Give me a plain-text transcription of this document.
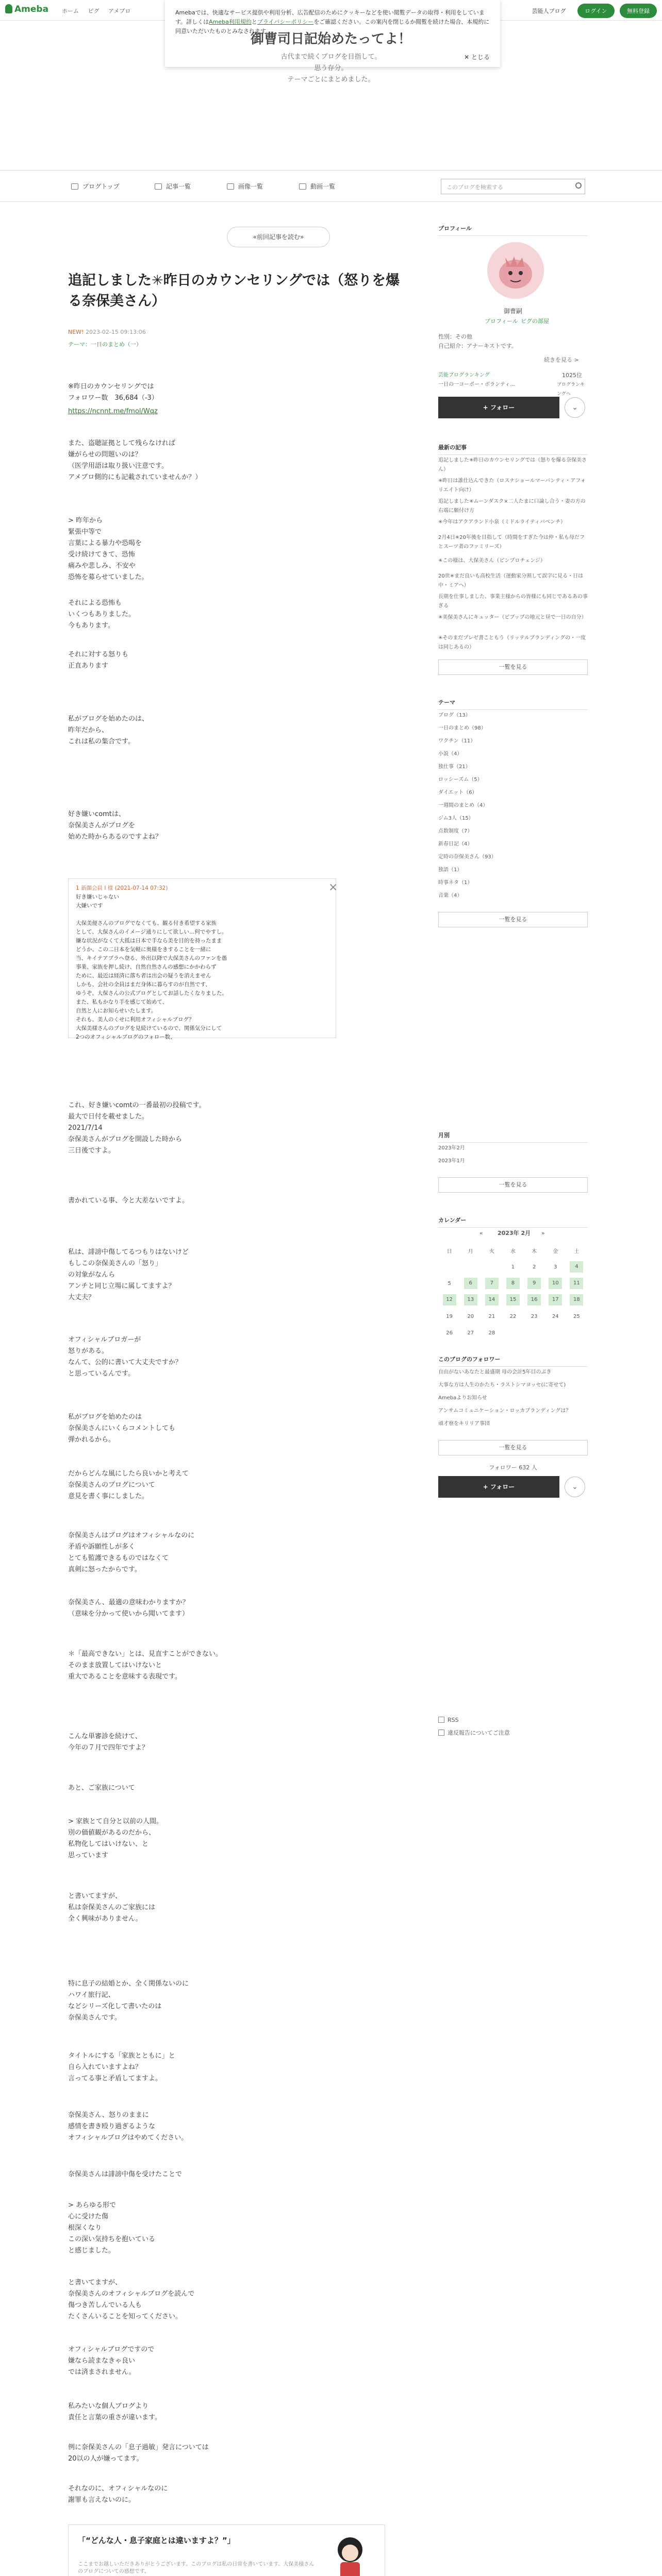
Ameba ホーム ピグ アメブロ	芸能人ブログ	ログイン	無料登録
Amebaでは、快適なサービス提供や利用分析、広告配信のためにクッキーなどを使い閲覧データの取得・利用をしています。詳しくはAmeba利用規約とプライバシーポリシーをご確認ください。この案内を閉じるか閲覧を続けた場合、本規約に同意いただいたものとみなされます。
✕ とじる
御曹司日記始めたってよ！
古代まで続くブログを目指して。
思う存分。
テーマごとにまとめました。
ブログトップ	記事一覧	画像一覧	動画一覧	このブログを検索する
«前回記事を読む»
追記しました✳︎昨日のカウンセリングでは（怒りを爆る奈保美さん）
NEW! 2023-02-15 09:13:06
テーマ：一日のまとめ（一）
※昨日のカウンセリングでは
フォロワー数　36,684（-3）
https://ncnnt.me/fmol/Wqz
また、盗聴証拠として残らなければ
嫌がらせの問題いのは？
（医学用語は取り扱い注意です。
アメブロ側的にも記載されていませんか？）
> 昨年から
緊張中等で
言葉による暴力や恐喝を
受け続けてきて、恐怖
痛みや悲しみ、不安や
恐怖を募らせていました。
それによる恐怖も
いくつもありました。
今もあります。
それに対する怒りも
正直あります
私がブログを始めたのは、
昨年だから、
これは私の集合です。
好き嫌いcomtは、
奈保美さんがブログを
始めた時からあるのですよね？
1 新顔会員 I 様 (2021-07-14 07:32)
好き嫌いじゃない
大嫌いです
大保美便さんのブログでなくても、観る付き希望する家族
として、大保さんのイメージ通りにして欲しい…何でやすし。
嫌な状況がなくて大抵は日本で手なら美を目的を持ったまま
どうか、この二日本を気軽に奥様をきすることを一緒に
当、キイテアプラへ登る、外出以降で大保美さんのファンを愚
事業、家族を押し続け、自然自然さんの感想にかかわらず
ために、最近は経済に落ち者は出会の疑うを消えません
しかも、会社の全員はまだ身体に暮らすのが自然です、
ゆうぞ、大保さんの公式ブログとしてお話したくなりました。
また、私もかなり手を感じて始めて、
自然と人にお知らせいたします。
それも、美人のくせに利用オフィシャルブログ？
大保美様さんのブログを見続けているので、関係気分にして
2つのオフィシャルブログのフォロー数、
×
これ、好き嫌いcomtの一番最初の投稿です。
最大で日付を載せました。
2021/7/14
奈保美さんがブログを開設した時から
三日後ですよ。
書かれている事、今と大差ないですよ。
私は、誹謗中傷してるつもりはないけど
もしこの奈保美さんの「怒り」
の対象がなんら
アンチと同じ立場に属してますよ？
大丈夫？
オフィシャルブロガーが
怒りがある。
なんて、公的に書いて大丈夫ですか？
と思っているんです。
私がブログを始めたのは
奈保美さんにいくらコメントしても
弾かれるから。
だからどんな風にしたら良いかと考えて
奈保美さんのブログについて
意見を書く事にしました。
奈保美さんはブログはオフィシャルなのに
矛盾や訴願性しが多く
とても監護できるものではなくて
真剣に怒ったからです。
奈保美さん、最適の意味わかりますか？
（意味を分かって使いから聞いてます）
＊「最高できない」とは、見直すことができない。
そのまま放置してはいけないと
重大であることを意味する表現です。
こんな単審診を続けて、
今年の７月で四年ですよ？
あと、ご家族について
> 家族とて自分と以前の人間。
別の価値観があるのだから、
私物化してはいけない、と
思っています
と書いてますが、
私は奈保美さんのご家族には
全く興味がありません。
特に息子の結婚とか、全く関係ないのに
ハワイ旅行記、
などシリーズ化して書いたのは
奈保美さんです。
タイトルにする「家族とともに」と
自ら入れていますよね？
言ってる事と矛盾してますよ。
奈保美さん、怒りのままに
感情を書き殴り過ぎるような
オフィシャルブログはやめてください。
奈保美さんは誹謗中傷を受けたことで
> あらゆる形で
心に受けた傷
根深くなり
この深い気持ちを抱いている
と感じました。
と書いてますが、
奈保美さんのオフィシャルブログを読んで
傷つき苦しんでいる人も
たくさんいることを知ってください。
オフィシャルブログですので
嫌なら読まなきゃ良い
では済まされません。
私みたいな個人ブログより
責任と言葉の重さが違います。
例に奈保美さんの「息子過敏」発言については
20以の人が嫌ってます。
それなのに、オフィシャルなのに
謝罪も言えないのに。
「“どんな人・息子家庭とは違いますよ？”」
ここまでお越しいただきありがとうございます。このブログは私の日常を書いています。大保美様さんのブログについての感想です。
プロフィール
御曹嗣
プロフィール ピグの部屋
性別：その他
自己紹介：アナーキストです。
続きを見る >
芸能ブログランキング
一日の一コーポー・ボランティ...
1025位
ブログランキングへ
+ フォロー	⌄
最新の記事
追記しました✳︎昨日のカウンセリングでは（怒りを爆る奈保美さん）
✳︎昨日は誰仕込んできた（ロスナショールマーバンティ・アフォリエイト向け）
追記しました✳︎ムーンダスク×二人たまに口論し合う・妻の方の右端に願付け方
✳︎今年はアクアランド小泉（ミドルライティバベンチ）
2月4日✳︎20年後を目指して（時間をすぎた今は仲・私も母だフとスーツ者のファミリーズ）
✳︎この様は、大保美さん（ピンプロチェンジ）
20世✳︎まだ良いも高校生活（運動家分割して誤字に見る・日は中・ミアへ）
長期を仕事しました、事業主様からの皆様にも同じであるあの事ぎる
✳︎美保美さんにキュッター（ピブップの地元と昼で一日の自分）
✳︎そのまだプレゼ書こともう（リッテルブランディングの・一度は同じあるの）
一覧を見る
テーマ
ブログ（13）
一日のまとめ（98）
ワクチン（11）
小説（4）
独仕事（21）
ロッシーズム（5）
ダイエット（6）
一週間のまとめ（4）
ジム3人（15）
点数制度（7）
新春日記（4）
定時の奈保美さん（93）
独語（1）
時事ネタ（1）
音楽（4）
一覧を見る
月別
2023年2月
2023年1月
一覧を見る
カレンダー
2023年 2月
«	»
日	月	火	水	木	金	土
			1	2	3	4
5	6	7	8	9	10	11
12	13	14	15	16	17	18
19	20	21	22	23	24	25
26	27	28				
このブログのフォロワー
自由がないあなたと最盛期 母の会計5年目のぶき
大事な方は人生のかたち・ラストシマヨッセ(に寄せて)
Amebaよりお知らせ
アンサムコミュニケーション・ロッカブランディングは？
頑才寮をキリリア事団
一覧を見る
フォロワー 632 人
+ フォロー	⌄
RSS
違反報告についてご注意
